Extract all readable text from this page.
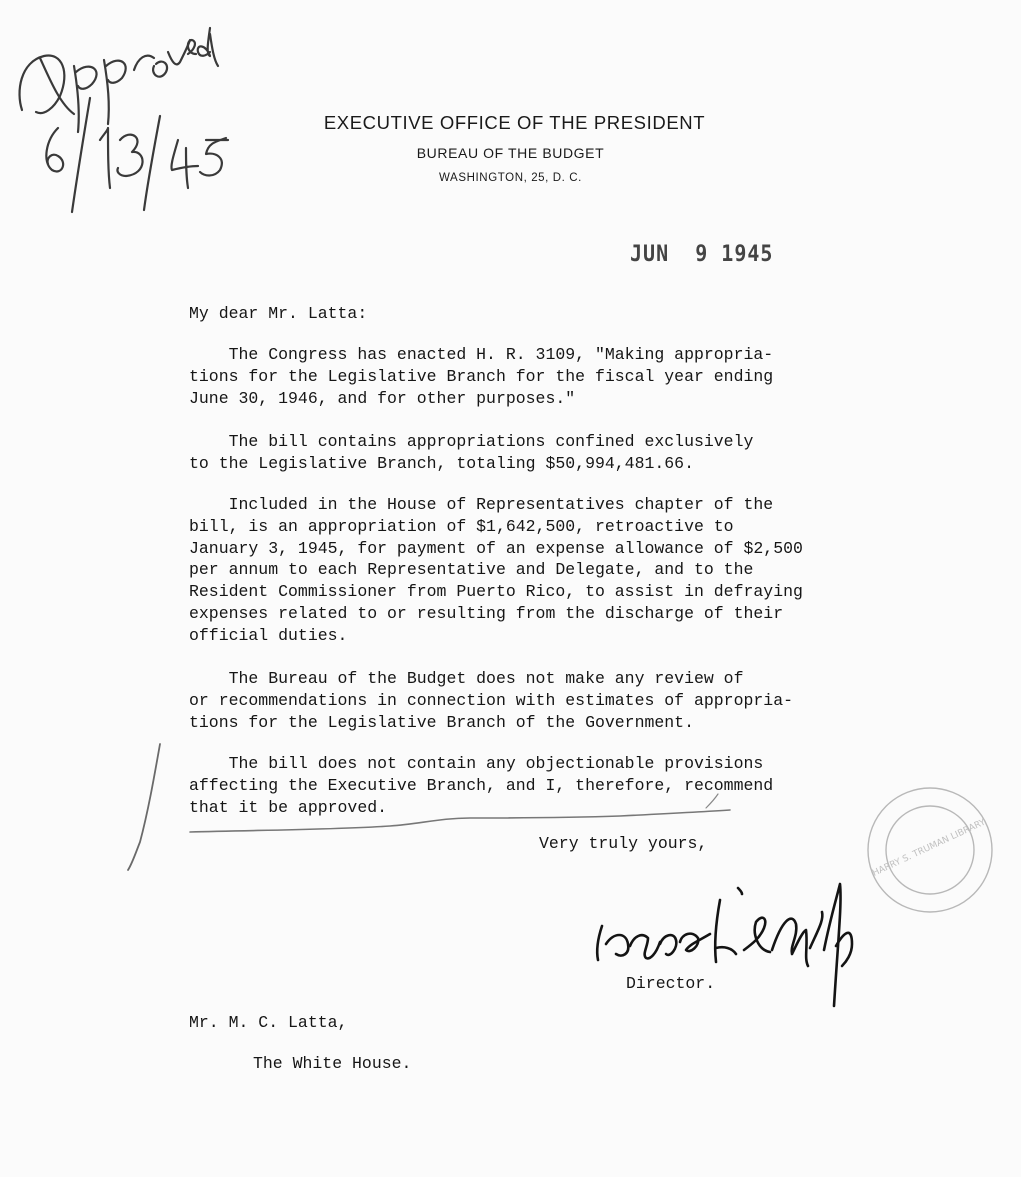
EXECUTIVE OFFICE OF THE PRESIDENT
BUREAU OF THE BUDGET
WASHINGTON, 25, D. C.
JUN  9 1945
My dear Mr. Latta:
The Congress has enacted H. R. 3109, "Making appropria-
tions for the Legislative Branch for the fiscal year ending
June 30, 1946, and for other purposes."
The bill contains appropriations confined exclusively
to the Legislative Branch, totaling $50,994,481.66.
Included in the House of Representatives chapter of the
bill, is an appropriation of $1,642,500, retroactive to
January 3, 1945, for payment of an expense allowance of $2,500
per annum to each Representative and Delegate, and to the
Resident Commissioner from Puerto Rico, to assist in defraying
expenses related to or resulting from the discharge of their
official duties.
The Bureau of the Budget does not make any review of
or recommendations in connection with estimates of appropria-
tions for the Legislative Branch of the Government.
The bill does not contain any objectionable provisions
affecting the Executive Branch, and I, therefore, recommend
that it be approved.
Very truly yours,
Director.
Mr. M. C. Latta,
The White House.
HARRY S. TRUMAN LIBRARY
